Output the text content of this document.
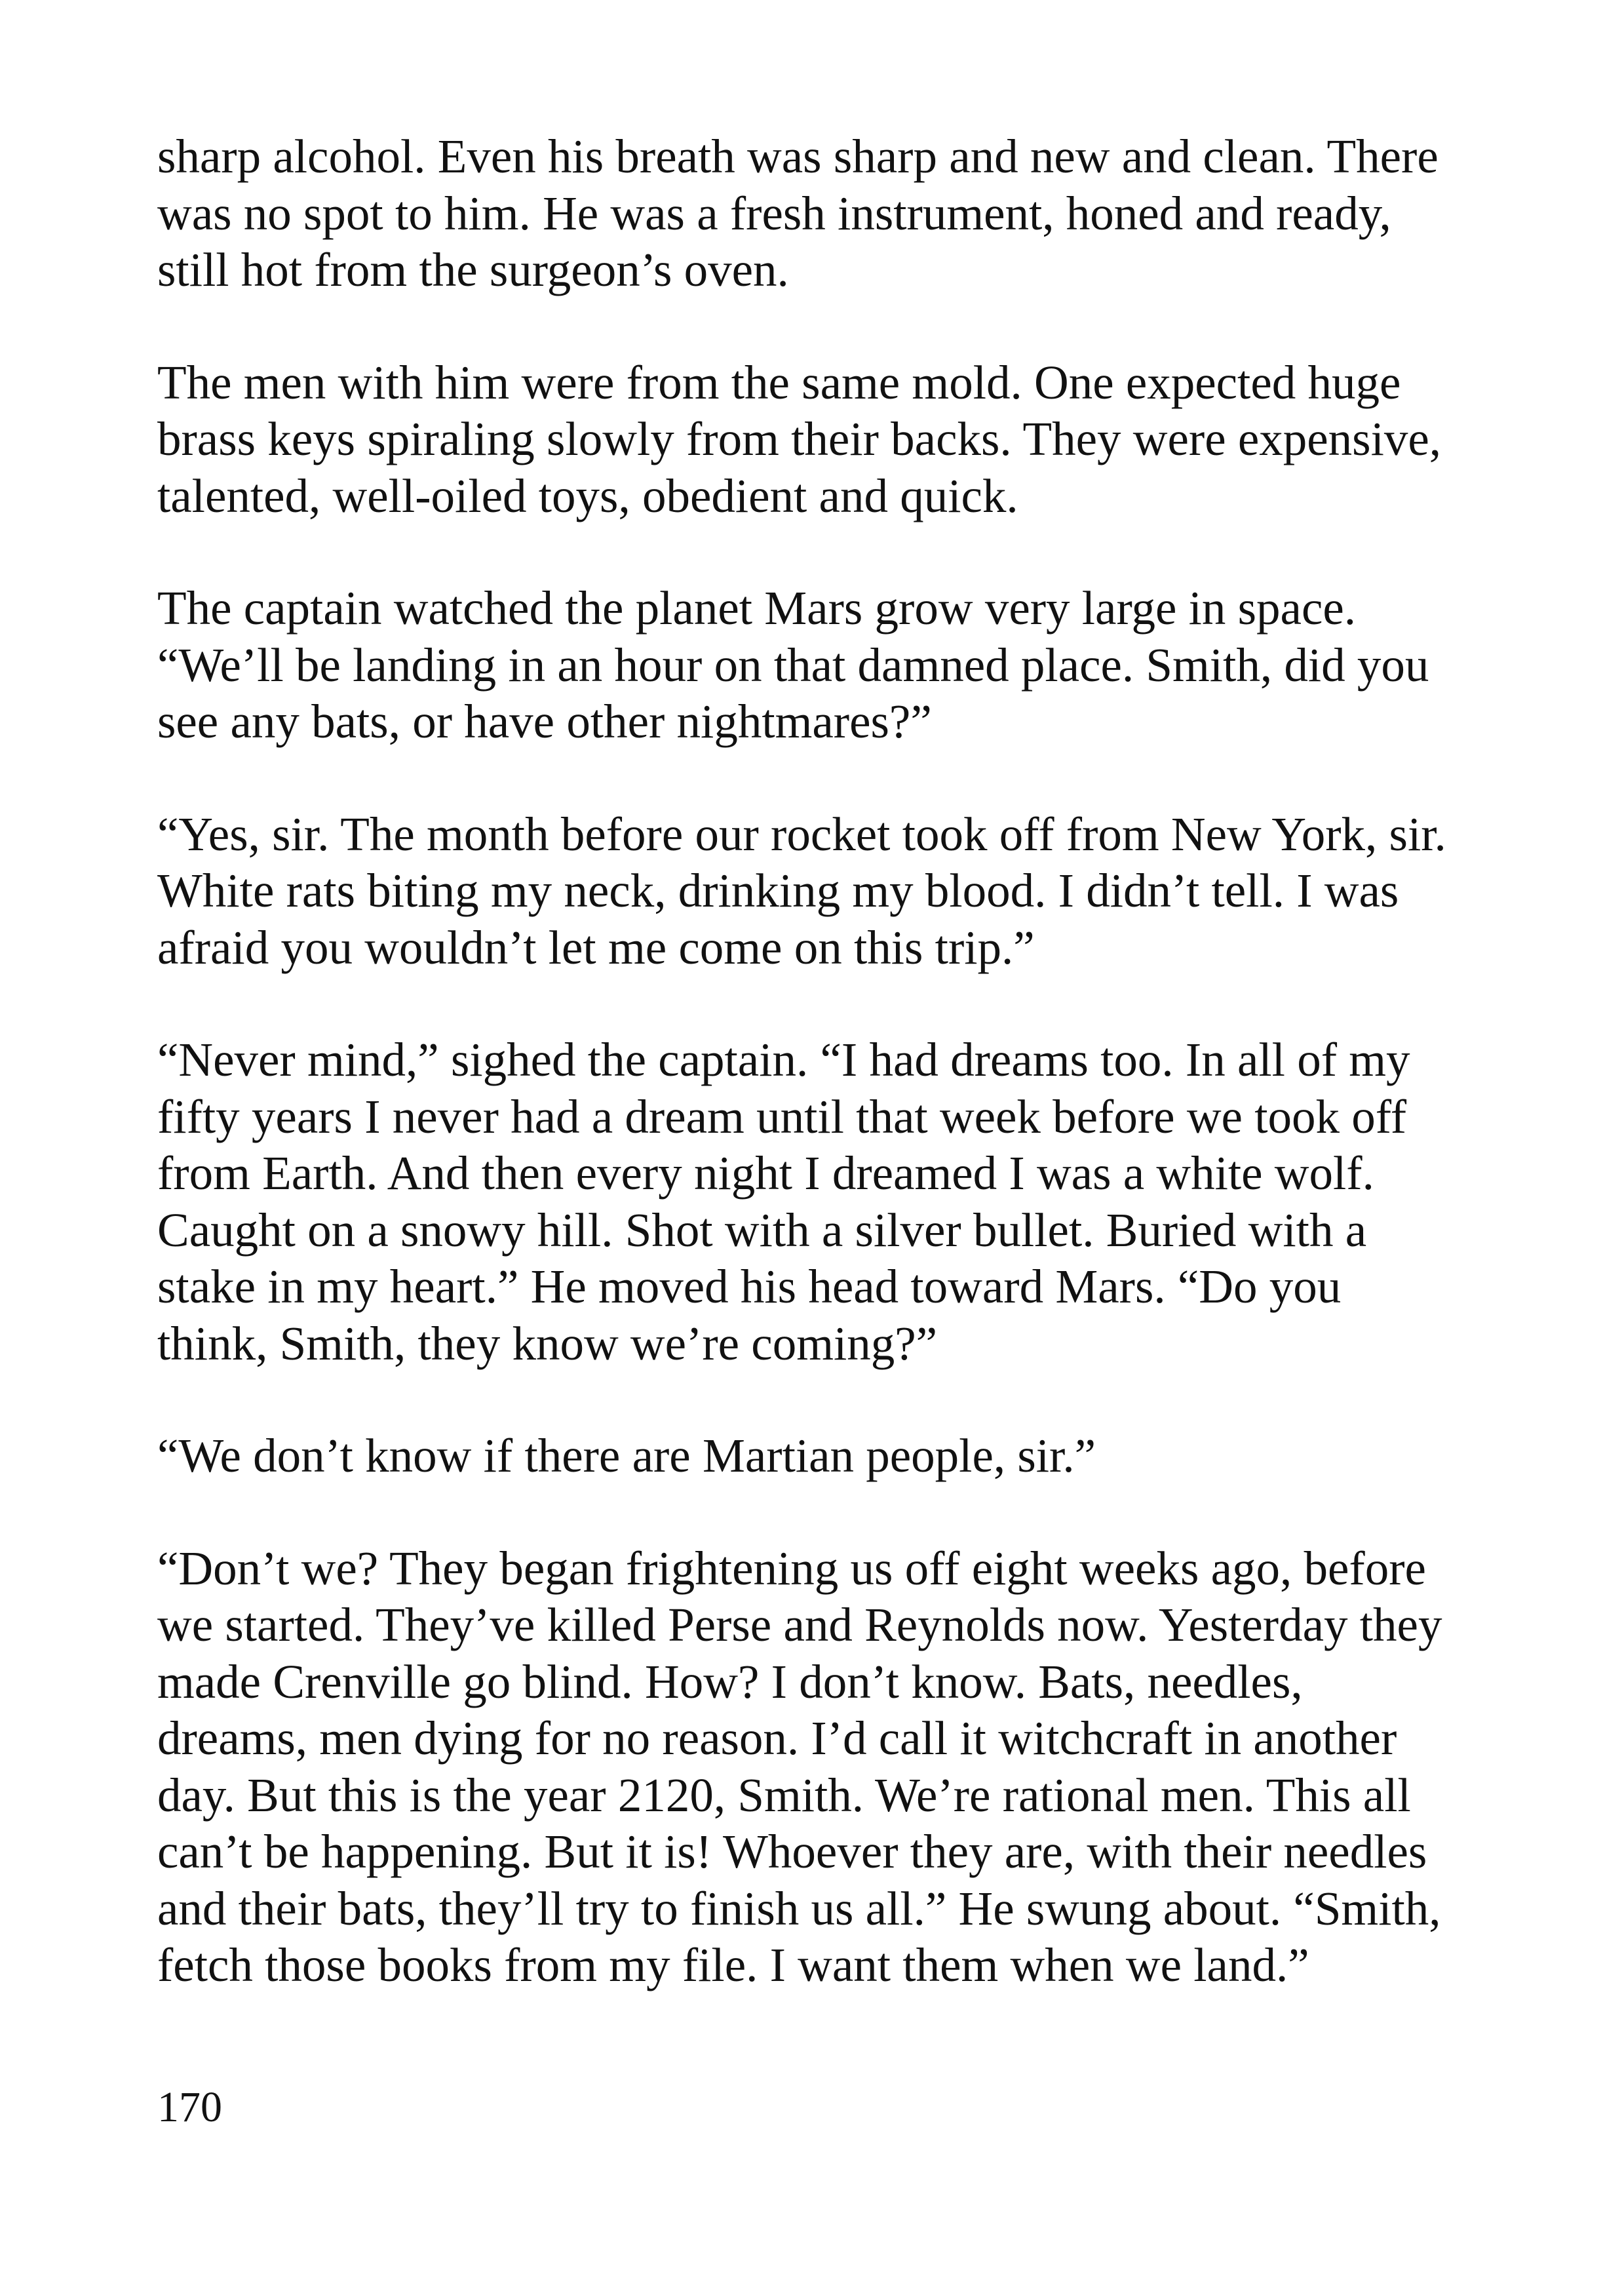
sharp alcohol. Even his breath was sharp and new and clean. There
was no spot to him. He was a fresh instrument, honed and ready,
still hot from the surgeon’s oven.

The men with him were from the same mold. One expected huge
brass keys spiraling slowly from their backs. They were expensive,
talented, well-oiled toys, obedient and quick.

The captain watched the planet Mars grow very large in space.
“We’ll be landing in an hour on that damned place. Smith, did you
see any bats, or have other nightmares?”

“Yes, sir. The month before our rocket took off from New York, sir.
White rats biting my neck, drinking my blood. I didn’t tell. I was
afraid you wouldn’t let me come on this trip.”

“Never mind,” sighed the captain. “I had dreams too. In all of my
fifty years I never had a dream until that week before we took off
from Earth. And then every night I dreamed I was a white wolf.
Caught on a snowy hill. Shot with a silver bullet. Buried with a
stake in my heart.” He moved his head toward Mars. “Do you
think, Smith, they know we’re coming?”

“We don’t know if there are Martian people, sir.”

“Don’t we? They began frightening us off eight weeks ago, before
we started. They’ve killed Perse and Reynolds now. Yesterday they
made Crenville go blind. How? I don’t know. Bats, needles,
dreams, men dying for no reason. I’d call it witchcraft in another
day. But this is the year 2120, Smith. We’re rational men. This all
can’t be happening. But it is! Whoever they are, with their needles
and their bats, they’ll try to finish us all.” He swung about. “Smith,
fetch those books from my file. I want them when we land.”

170
